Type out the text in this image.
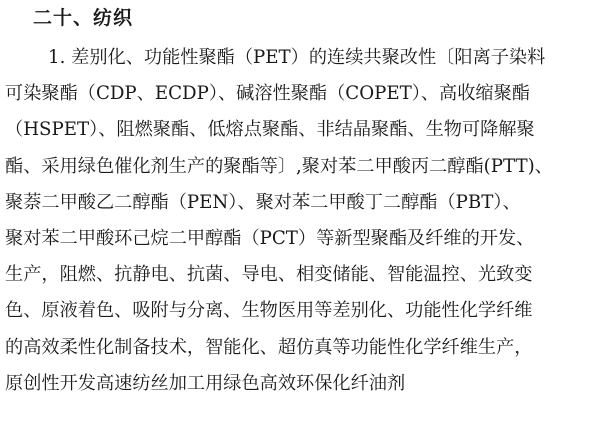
二十、纺织
1. 差别化、功能性聚酯（PET）的连续共聚改性〔阳离子染料
可染聚酯（CDP、ECDP）、碱溶性聚酯（COPET）、高收缩聚酯
（HSPET）、阻燃聚酯、低熔点聚酯、非结晶聚酯、生物可降解聚
酯、采用绿色催化剂生产的聚酯等〕,聚对苯二甲酸丙二醇酯(PTT)、
聚萘二甲酸乙二醇酯（PEN）、聚对苯二甲酸丁二醇酯（PBT）、
聚对苯二甲酸环己烷二甲醇酯（PCT）等新型聚酯及纤维的开发、
生产，阻燃、抗静电、抗菌、导电、相变储能、智能温控、光致变
色、原液着色、吸附与分离、生物医用等差别化、功能性化学纤维
的高效柔性化制备技术，智能化、超仿真等功能性化学纤维生产，
原创性开发高速纺丝加工用绿色高效环保化纤油剂
